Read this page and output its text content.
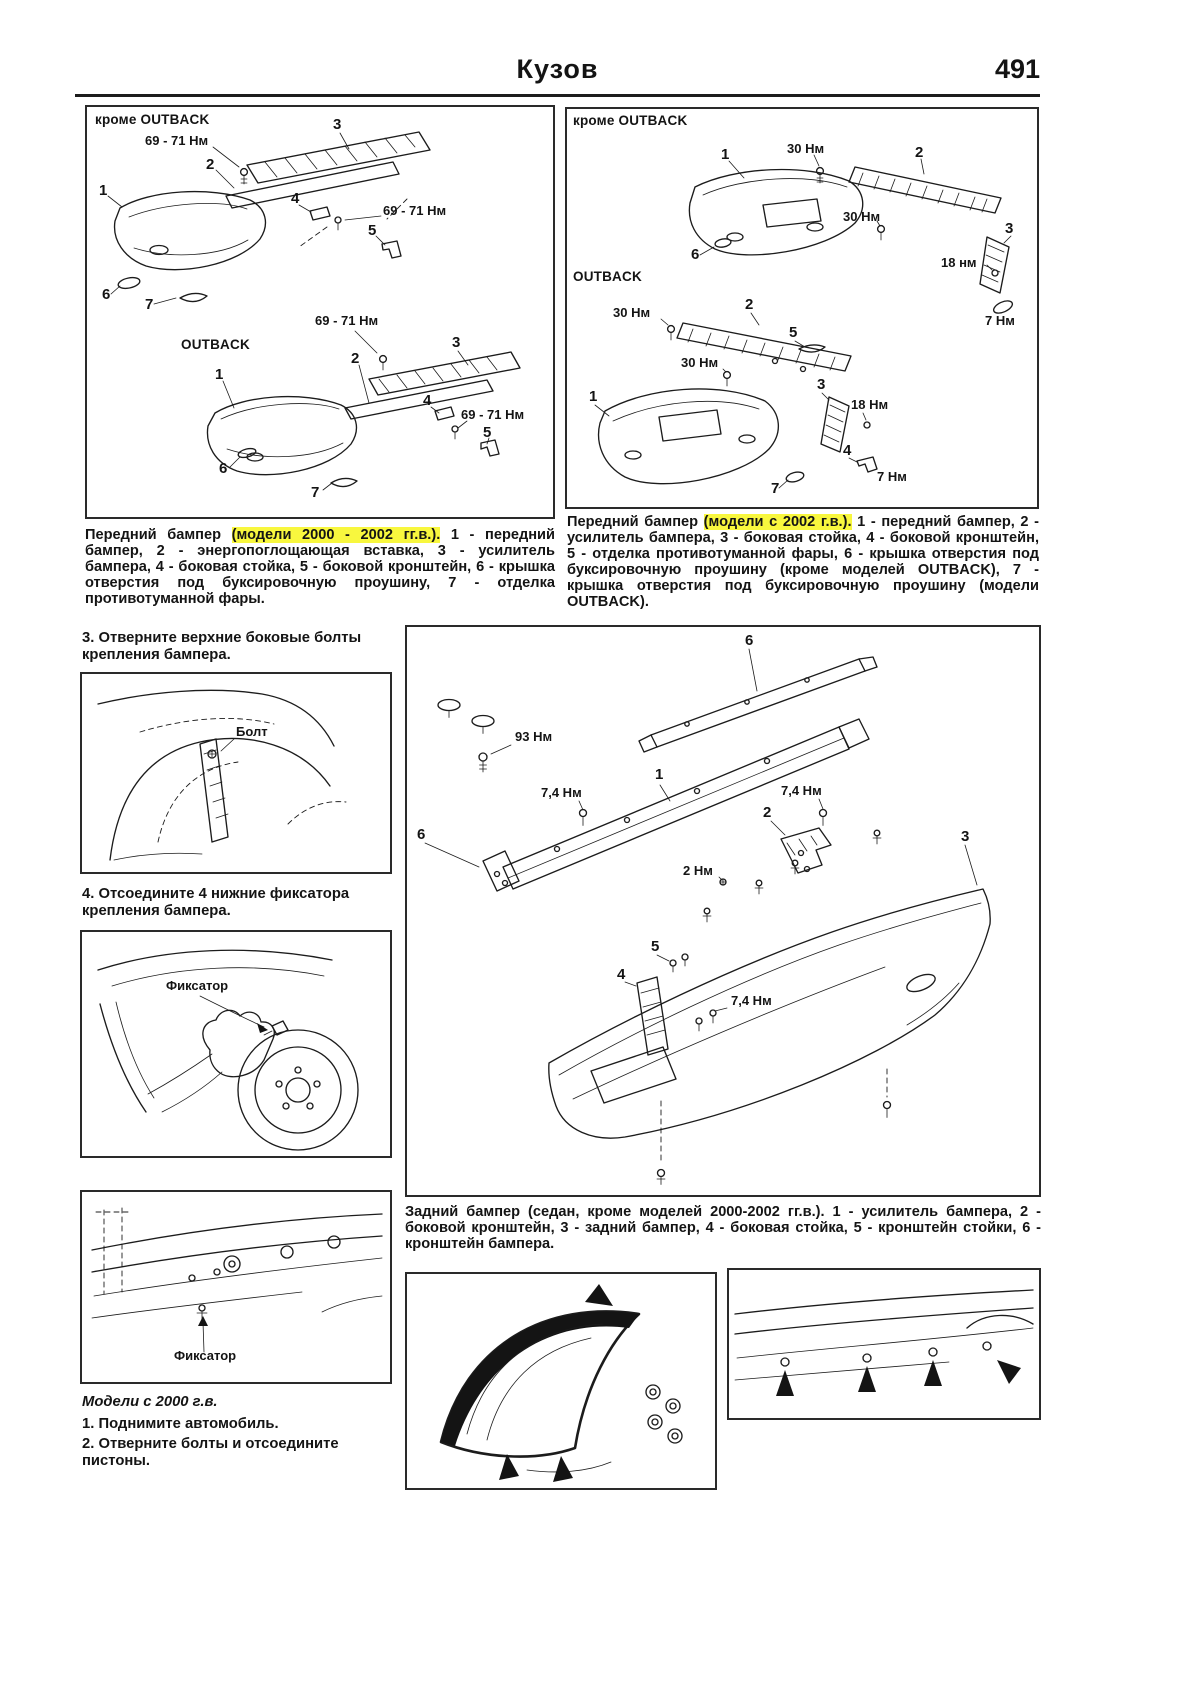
Кузов	491
кроме OUTBACK
69 - 71 Нм
2
3
1	4
69 - 71 Нм
5
6
7
OUTBACK
69 - 71 Нм
3
2
1
4
69 - 71 Нм
5
6
7
кроме OUTBACK
1	30 Нм	2
30 Нм
3
18 нм
7 Нм
6
OUTBACK
30 Нм	2
30 Нм
5
1
3
18 Нм
4
7 Нм
7

Передний бампер (модели 2000 - 2002 гг.в.). 1 - передний бампер, 2 - энергопоглощающая вставка, 3 - усилитель бампера, 4 - боковая стойка, 5 - боковой кронштейн, 6 - крышка отверстия под буксировочную проушину, 7 - отделка противотуманной фары.

Передний бампер (модели с 2002 г.в.). 1 - передний бампер, 2 - усилитель бампера, 3 - боковая стойка, 4 - боковой кронштейн, 5 - отделка противотуманной фары, 6 - крышка отверстия под буксировочную проушину (кроме моделей OUTBACK), 7 - крышка отверстия под буксировочную проушину (модели OUTBACK).

3. Отверните верхние боковые болты крепления бампера.

Болт

4. Отсоедините 4 нижние фиксатора крепления бампера.

Фиксатор
Фиксатор

Модели с 2000 г.в.

1. Поднимите автомобиль.

2. Отверните болты и отсоедините пистоны.

6
93 Нм
1
6
7,4 Нм	7,4 Нм
2
2 Нм
3
4
5
7,4 Нм

Задний бампер (седан, кроме моделей 2000-2002 гг.в.). 1 - усилитель бампера, 2 - боковой кронштейн, 3 - задний бампер, 4 - боковая стойка, 5 - кронштейн стойки, 6 - кронштейн бампера.
